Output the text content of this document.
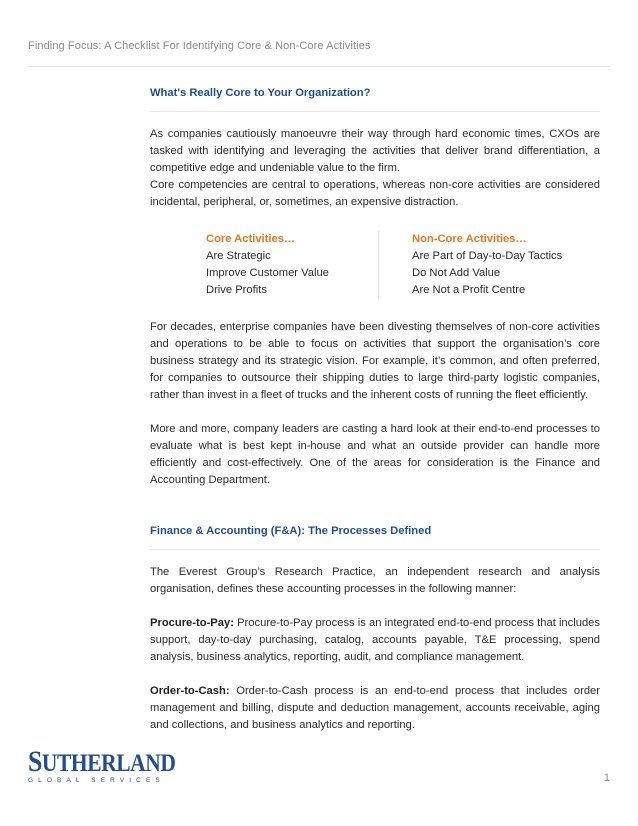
Finding Focus: A Checklist For Identifying Core & Non-Core Activities
What's Really Core to Your Organization?

As companies cautiously manoeuvre their way through hard economic times, CXOs are tasked with identifying and leveraging the activities that deliver brand differentiation, a competitive edge and undeniable value to the firm.

Core competencies are central to operations, whereas non-core activities are considered incidental, peripheral, or, sometimes, an expensive distraction.

Core Activities…
Are Strategic
Improve Customer Value
Drive Profits
Non-Core Activities…
Are Part of Day-to-Day Tactics
Do Not Add Value
Are Not a Profit Centre

For decades, enterprise companies have been divesting themselves of non-core activities and operations to be able to focus on activities that support the organisation’s core business strategy and its strategic vision. For example, it’s common, and often preferred, for companies to outsource their shipping duties to large third-party logistic companies, rather than invest in a fleet of trucks and the inherent costs of running the fleet efficiently.

More and more, company leaders are casting a hard look at their end-to-end processes to evaluate what is best kept in-house and what an outside provider can handle more efficiently and cost-effectively. One of the areas for consideration is the Finance and Accounting Department.

Finance & Accounting (F&A): The Processes Defined

The Everest Group’s Research Practice, an independent research and analysis organisation, defines these accounting processes in the following manner:

Procure-to-Pay: Procure-to-Pay process is an integrated end-to-end process that includes support, day-to-day purchasing, catalog, accounts payable, T&E processing, spend analysis, business analytics, reporting, audit, and compliance management.

Order-to-Cash: Order-to-Cash process is an end-to-end process that includes order management and billing, dispute and deduction management, accounts receivable, aging and collections, and business analytics and reporting.

SUTHERLAND
GLOBAL SERVICES	1
